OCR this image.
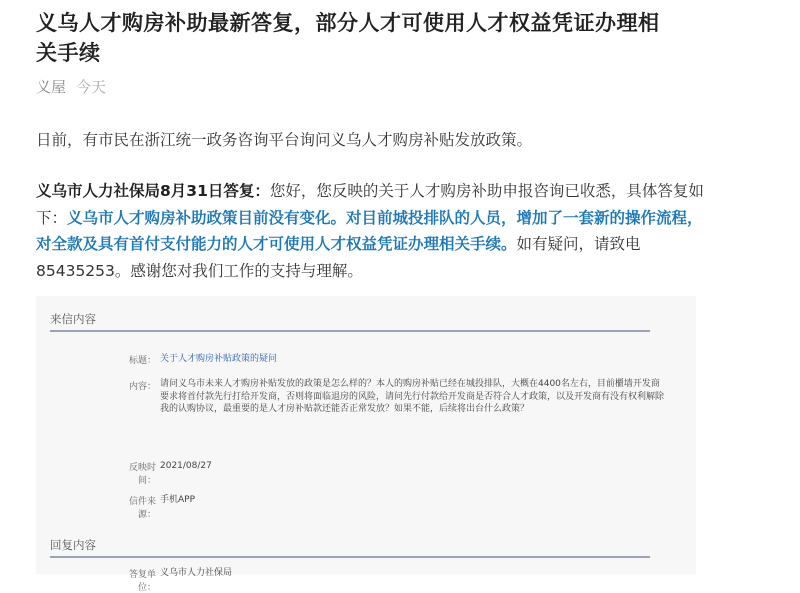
义乌人才购房补助最新答复，部分人才可使用人才权益凭证办理相关手续
义屋 今天

日前，有市民在浙江统一政务咨询平台询问义乌人才购房补贴发放政策。

义乌市人力社保局8月31日答复：您好，您反映的关于人才购房补助申报咨询已收悉，具体答复如下：义乌市人才购房补助政策目前没有变化。对目前城投排队的人员，增加了一套新的操作流程，对全款及具有首付支付能力的人才可使用人才权益凭证办理相关手续。如有疑问，请致电85435253。感谢您对我们工作的支持与理解。

来信内容
标题： 关于人才购房补贴政策的疑问
内容： 请问义乌市未来人才购房补贴发放的政策是怎么样的？本人的购房补贴已经在城投排队，大概在4400名左右，目前櫃墙开发商要求将首付款先行打给开发商，否则将面临退房的风险，请问先行付款给开发商是否符合人才政策，以及开发商有没有权利解除我的认购协议，最重要的是人才房补贴款还能否正常发放？如果不能，后续将出台什么政策？
反映时间：
2021/08/27
信件来源：
手机APP
回复内容
答复单位：
义乌市人力社保局
